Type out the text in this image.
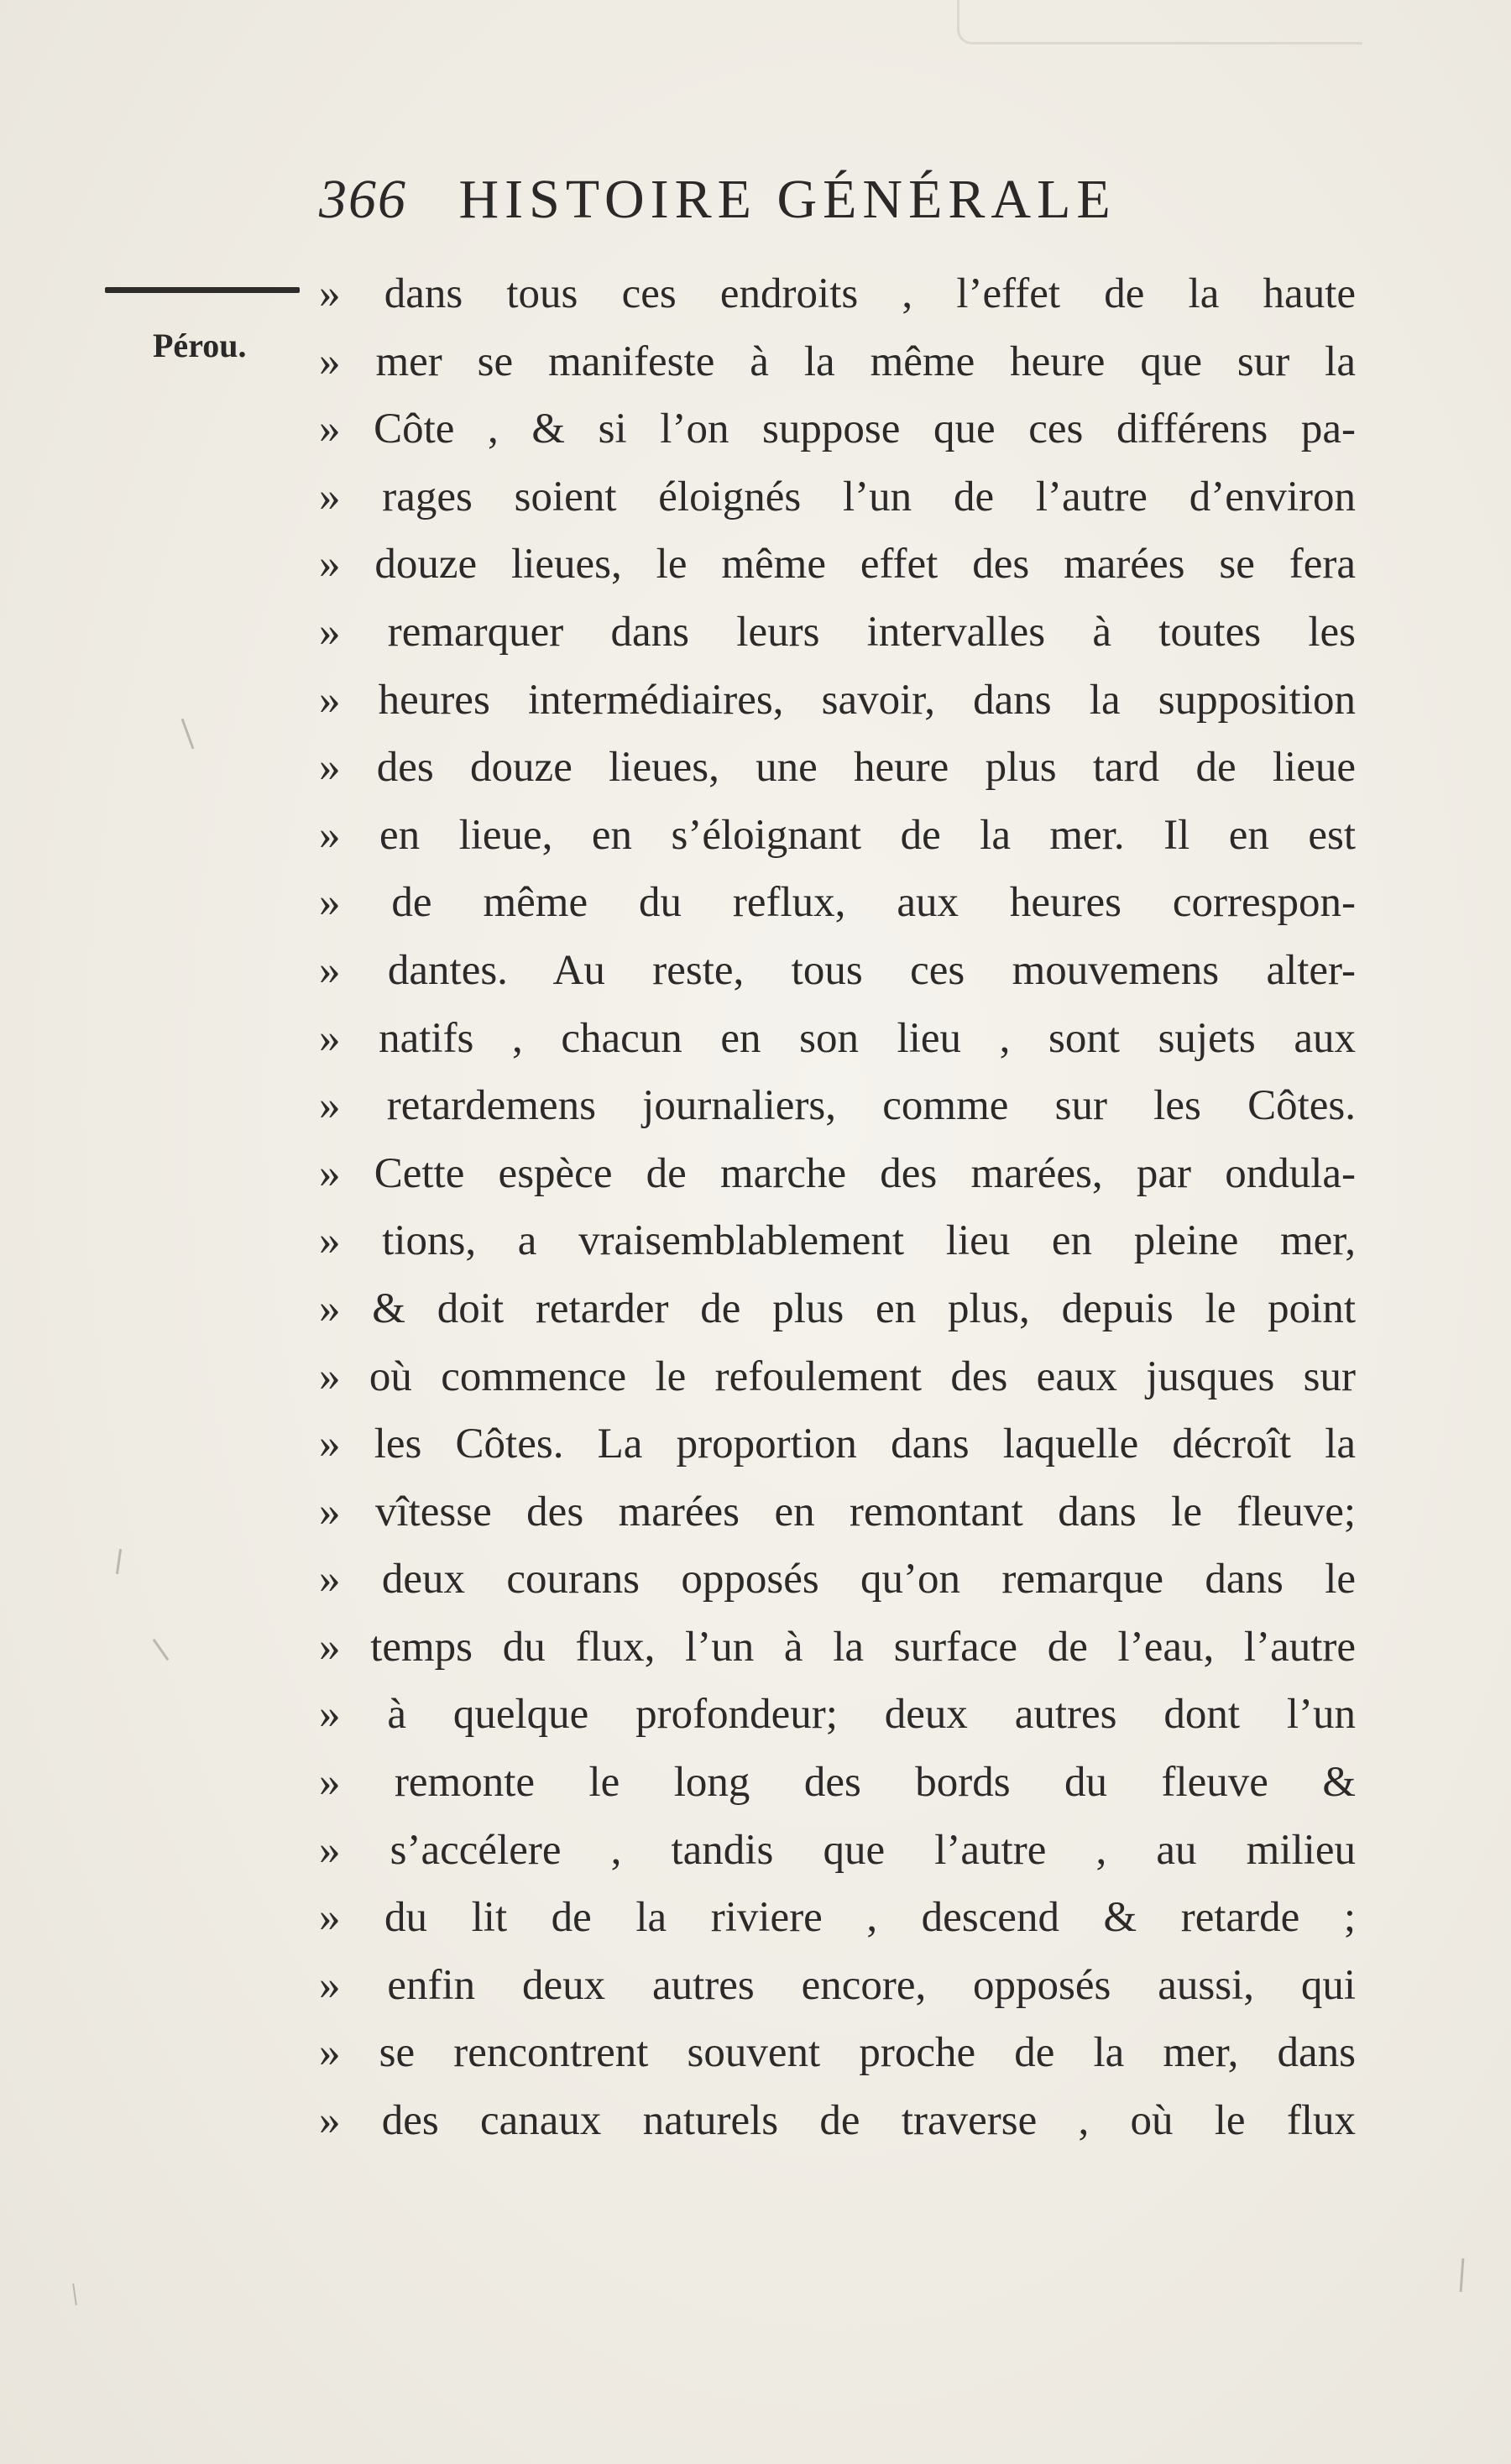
366 HISTOIRE GÉNÉRALE
Pérou.
» dans tous ces endroits , l’effet de la haute
» mer se manifeste à la même heure que sur la
» Côte , & si l’on suppose que ces différens pa-
» rages soient éloignés l’un de l’autre d’environ
» douze lieues, le même effet des marées se fera
» remarquer dans leurs intervalles à toutes les
» heures intermédiaires, savoir, dans la supposition
» des douze lieues, une heure plus tard de lieue
» en lieue, en s’éloignant de la mer. Il en est
» de même du reflux, aux heures correspon-
» dantes. Au reste, tous ces mouvemens alter-
» natifs , chacun en son lieu , sont sujets aux
» retardemens journaliers, comme sur les Côtes.
» Cette espèce de marche des marées, par ondula-
» tions, a vraisemblablement lieu en pleine mer,
» & doit retarder de plus en plus, depuis le point
» où commence le refoulement des eaux jusques sur
» les Côtes. La proportion dans laquelle décroît la
» vîtesse des marées en remontant dans le fleuve;
» deux courans opposés qu’on remarque dans le
» temps du flux, l’un à la surface de l’eau, l’autre
» à quelque profondeur; deux autres dont l’un
» remonte le long des bords du fleuve &
» s’accélere , tandis que l’autre , au milieu
» du lit de la riviere , descend & retarde ;
» enfin deux autres encore, opposés aussi, qui
» se rencontrent souvent proche de la mer, dans
» des canaux naturels de traverse , où le flux
